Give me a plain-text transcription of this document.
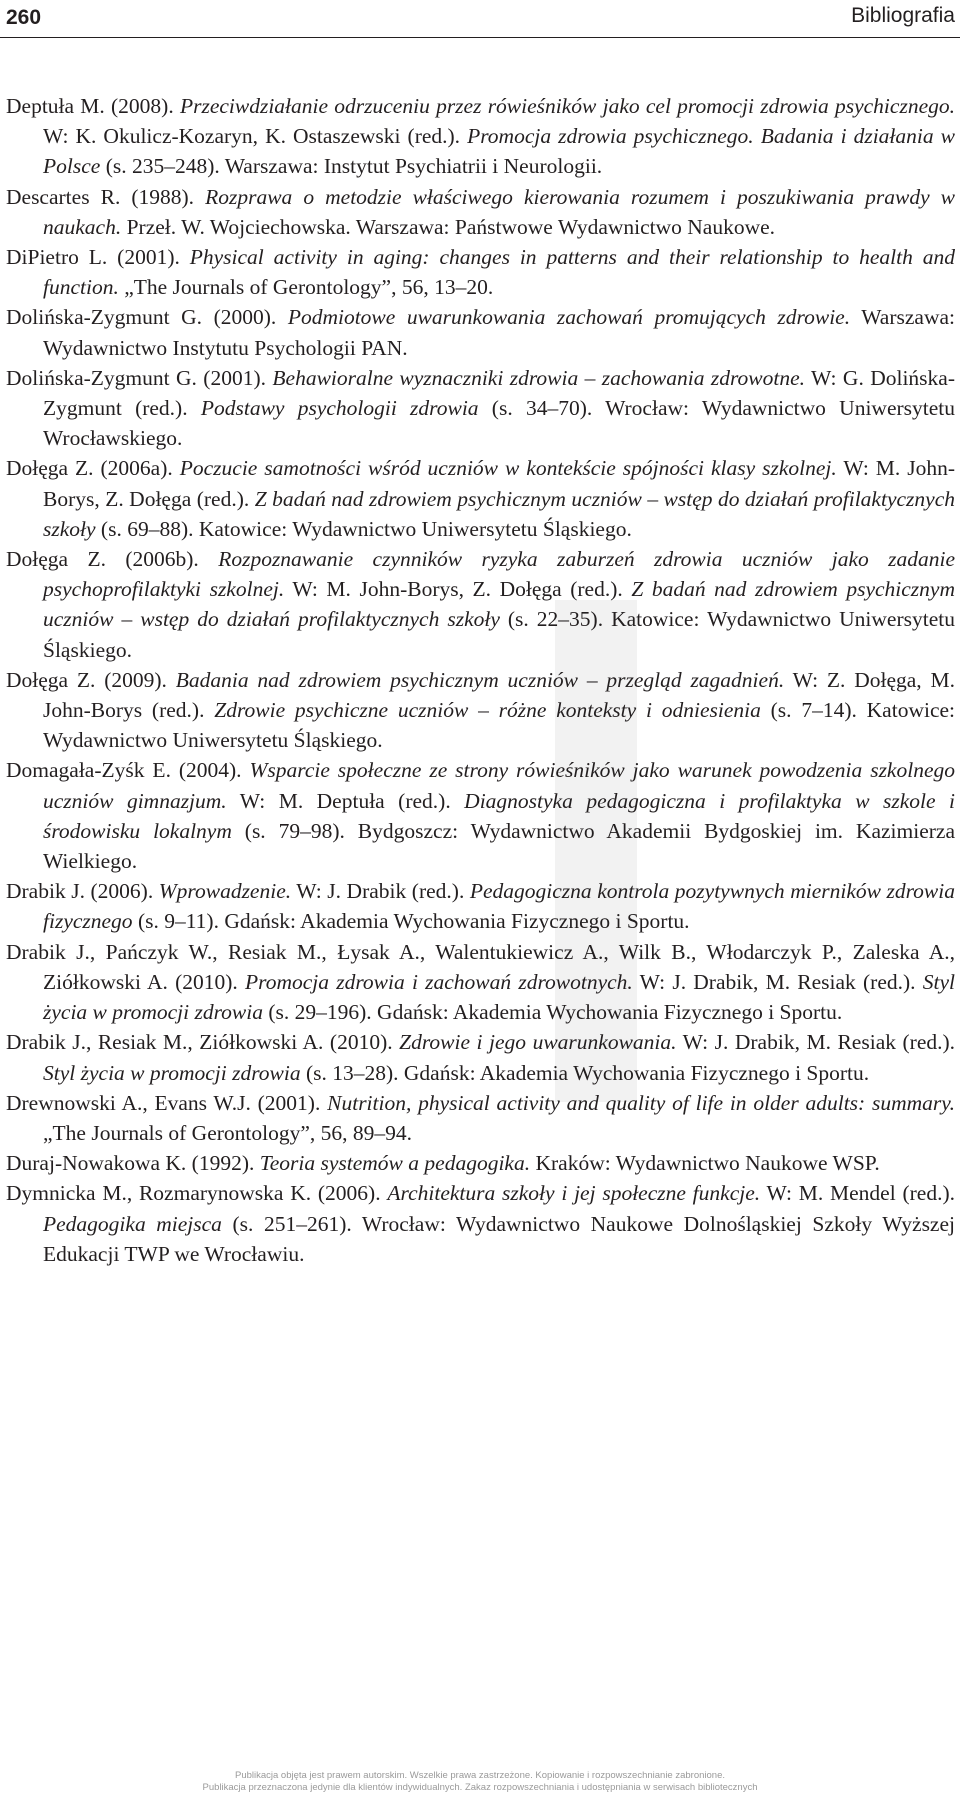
260	Bibliografia

Deptuła M. (2008). Przeciwdziałanie odrzuceniu przez rówieśników jako cel promocji zdrowia psychicznego. W: K. Okulicz-Kozaryn, K. Ostaszewski (red.). Promocja zdrowia psychicznego. Badania i działania w Polsce (s. 235–248). Warszawa: Instytut Psychiatrii i Neurologii.

Descartes R. (1988). Rozprawa o metodzie właściwego kierowania rozumem i poszukiwania prawdy w naukach. Przeł. W. Wojciechowska. Warszawa: Państwowe Wydawnictwo Naukowe.

DiPietro L. (2001). Physical activity in aging: changes in patterns and their relationship to health and function. „The Journals of Gerontology”, 56, 13–20.

Dolińska-Zygmunt G. (2000). Podmiotowe uwarunkowania zachowań promujących zdrowie. Warszawa: Wydawnictwo Instytutu Psychologii PAN.

Dolińska-Zygmunt G. (2001). Behawioralne wyznaczniki zdrowia – zachowania zdrowotne. W: G. Dolińska-Zygmunt (red.). Podstawy psychologii zdrowia (s. 34–70). Wrocław: Wydawnictwo Uniwersytetu Wrocławskiego.

Dołęga Z. (2006a). Poczucie samotności wśród uczniów w kontekście spójności klasy szkolnej. W: M. John-Borys, Z. Dołęga (red.). Z badań nad zdrowiem psychicznym uczniów – wstęp do działań profilaktycznych szkoły (s. 69–88). Katowice: Wydawnictwo Uniwersytetu Śląskiego.

Dołęga Z. (2006b). Rozpoznawanie czynników ryzyka zaburzeń zdrowia uczniów jako zadanie psychoprofilaktyki szkolnej. W: M. John-Borys, Z. Dołęga (red.). Z badań nad zdrowiem psychicznym uczniów – wstęp do działań profilaktycznych szkoły (s. 22–35). Katowice: Wydawnictwo Uniwersytetu Śląskiego.

Dołęga Z. (2009). Badania nad zdrowiem psychicznym uczniów – przegląd zagadnień. W: Z. Dołęga, M. John-Borys (red.). Zdrowie psychiczne uczniów – różne konteksty i odniesienia (s. 7–14). Katowice: Wydawnictwo Uniwersytetu Śląskiego.

Domagała-Zyśk E. (2004). Wsparcie społeczne ze strony rówieśników jako warunek powodzenia szkolnego uczniów gimnazjum. W: M. Deptuła (red.). Diagnostyka pedagogiczna i profilaktyka w szkole i środowisku lokalnym (s. 79–98). Bydgoszcz: Wydawnictwo Akademii Bydgoskiej im. Kazimierza Wielkiego.

Drabik J. (2006). Wprowadzenie. W: J. Drabik (red.). Pedagogiczna kontrola pozytywnych mierników zdrowia fizycznego (s. 9–11). Gdańsk: Akademia Wychowania Fizycznego i Sportu.

Drabik J., Pańczyk W., Resiak M., Łysak A., Walentukiewicz A., Wilk B., Włodarczyk P., Zaleska A., Ziółkowski A. (2010). Promocja zdrowia i zachowań zdrowotnych. W: J. Drabik, M. Resiak (red.). Styl życia w promocji zdrowia (s. 29–196). Gdańsk: Akademia Wychowania Fizycznego i Sportu.

Drabik J., Resiak M., Ziółkowski A. (2010). Zdrowie i jego uwarunkowania. W: J. Drabik, M. Resiak (red.). Styl życia w promocji zdrowia (s. 13–28). Gdańsk: Akademia Wychowania Fizycznego i Sportu.

Drewnowski A., Evans W.J. (2001). Nutrition, physical activity and quality of life in older adults: summary. „The Journals of Gerontology”, 56, 89–94.

Duraj-Nowakowa K. (1992). Teoria systemów a pedagogika. Kraków: Wydawnictwo Naukowe WSP.

Dymnicka M., Rozmarynowska K. (2006). Architektura szkoły i jej społeczne funkcje. W: M. Mendel (red.). Pedagogika miejsca (s. 251–261). Wrocław: Wydawnictwo Naukowe Dolnośląskiej Szkoły Wyższej Edukacji TWP we Wrocławiu.

Publikacja objęta jest prawem autorskim. Wszelkie prawa zastrzeżone. Kopiowanie i rozpowszechnianie zabronione.
Publikacja przeznaczona jedynie dla klientów indywidualnych. Zakaz rozpowszechniania i udostępniania w serwisach bibliotecznych
